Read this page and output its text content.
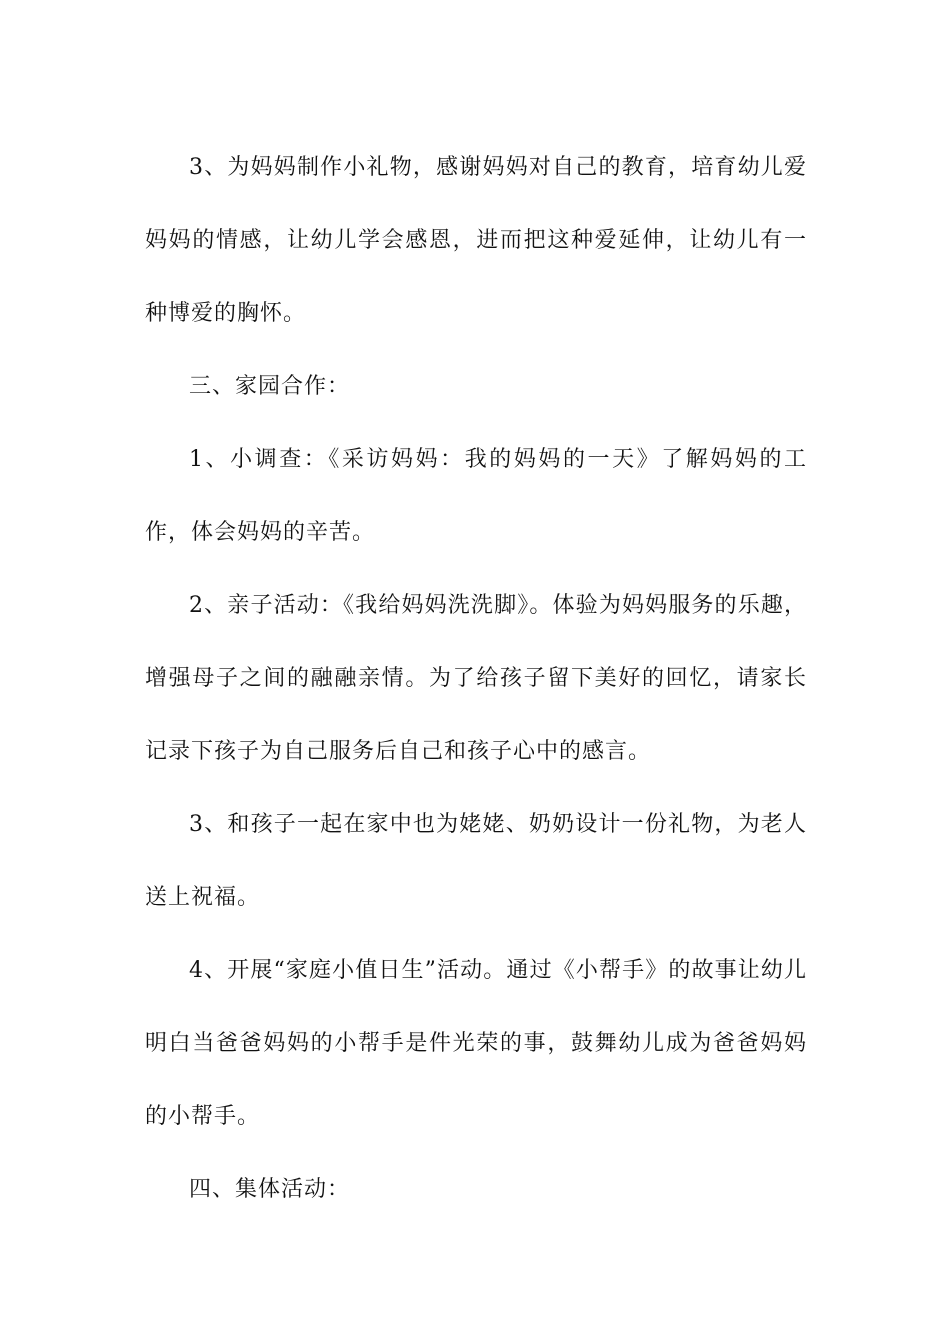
3、为妈妈制作小礼物，感谢妈妈对自己的教育，培育幼儿爱妈妈的情感，让幼儿学会感恩，进而把这种爱延伸，让幼儿有一种博爱的胸怀。

三、家园合作：

1、小调查：《采访妈妈：我的妈妈的一天》了解妈妈的工作，体会妈妈的辛苦。

2、亲子活动：《我给妈妈洗洗脚》。体验为妈妈服务的乐趣，增强母子之间的融融亲情。为了给孩子留下美好的回忆，请家长记录下孩子为自己服务后自己和孩子心中的感言。

3、和孩子一起在家中也为姥姥、奶奶设计一份礼物，为老人送上祝福。

4、开展“家庭小值日生”活动。通过《小帮手》的故事让幼儿明白当爸爸妈妈的小帮手是件光荣的事，鼓舞幼儿成为爸爸妈妈的小帮手。

四、集体活动：
